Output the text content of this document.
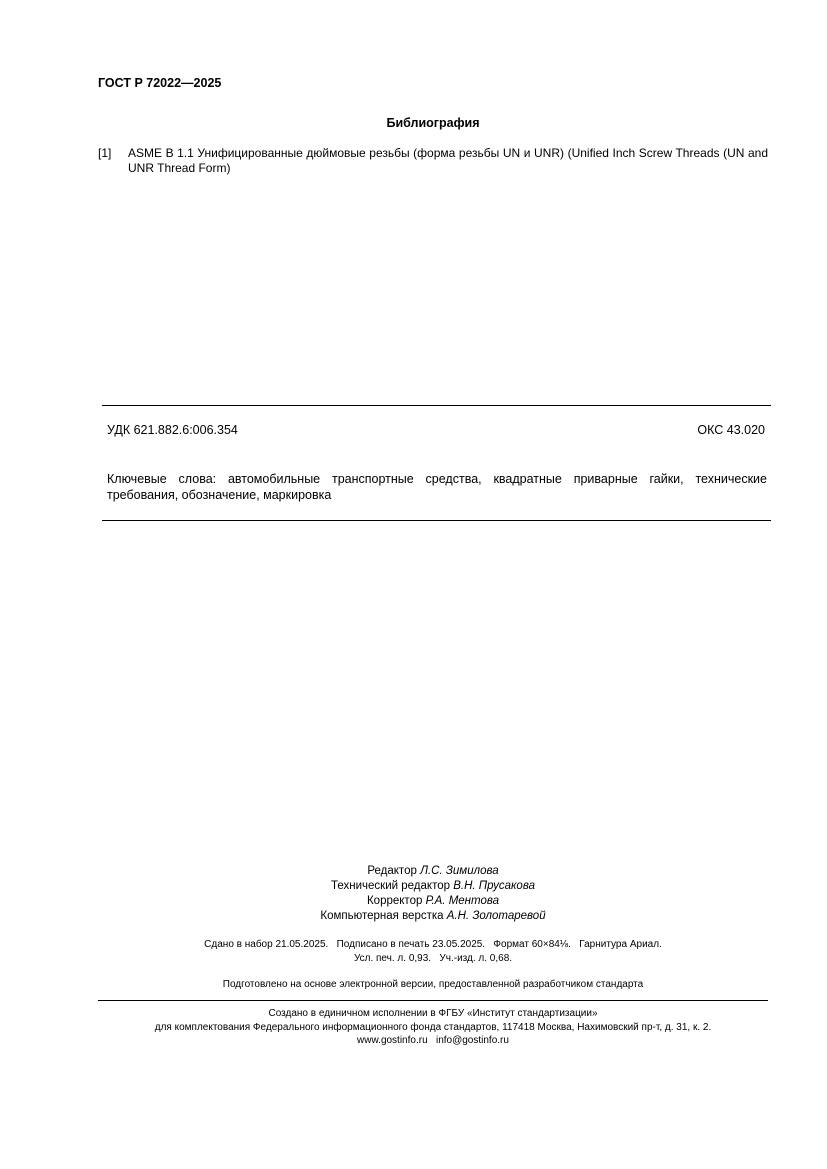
ГОСТ Р 72022—2025
Библиография
[1] ASME B 1.1 Унифицированные дюймовые резьбы (форма резьбы UN и UNR) (Unified Inch Screw Threads (UN and UNR Thread Form)
УДК 621.882.6:006.354	ОКС 43.020
Ключевые слова: автомобильные транспортные средства, квадратные приварные гайки, технические требования, обозначение, маркировка
Редактор Л.С. Зимилова
Технический редактор В.Н. Прусакова
Корректор Р.А. Ментова
Компьютерная верстка А.Н. Золотаревой
Сдано в набор 21.05.2025.   Подписано в печать 23.05.2025.   Формат 60×84⅛.   Гарнитура Ариал.
Усл. печ. л. 0,93.   Уч.-изд. л. 0,68.
Подготовлено на основе электронной версии, предоставленной разработчиком стандарта
Создано в единичном исполнении в ФГБУ «Институт стандартизации»
для комплектования Федерального информационного фонда стандартов, 117418 Москва, Нахимовский пр-т, д. 31, к. 2.
www.gostinfo.ru   info@gostinfo.ru
